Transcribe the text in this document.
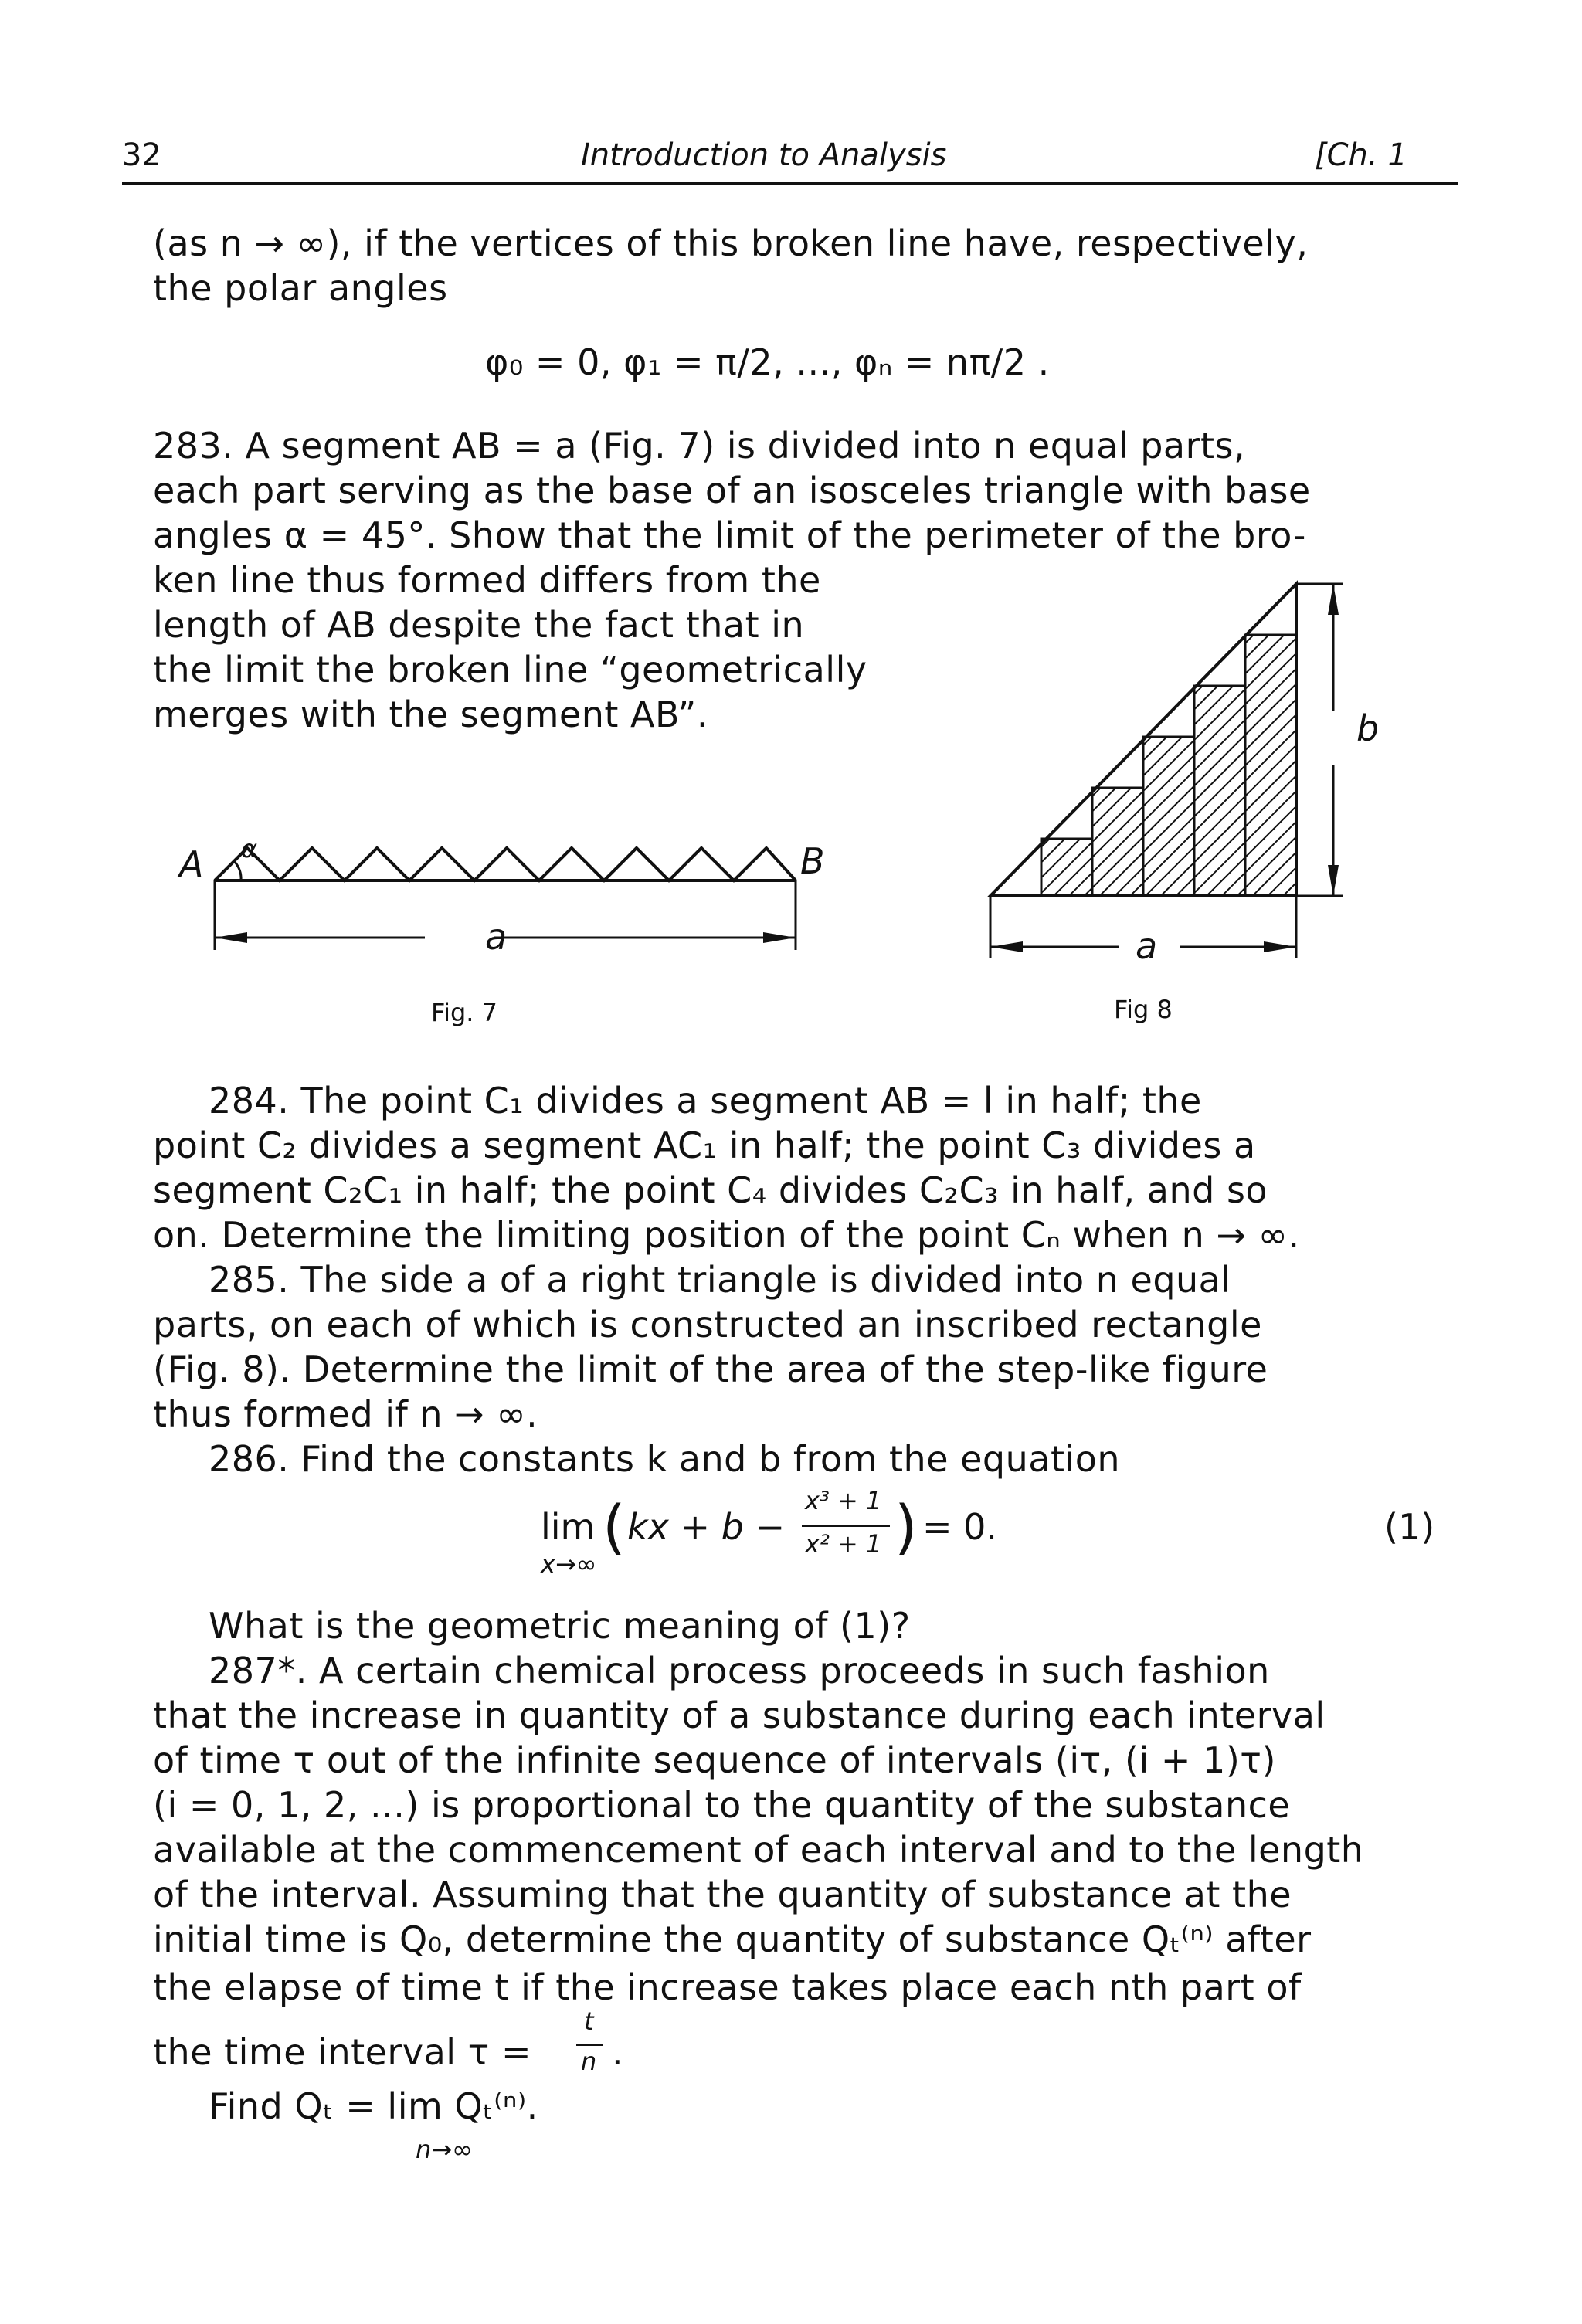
32	Introduction to Analysis	[Ch. 1
(as n → ∞), if the vertices of this broken line have, respectively,
the polar angles
φ₀ = 0, φ₁ = π/2, ..., φₙ = nπ/2 .
283. A segment AB = a (Fig. 7) is divided into n equal parts,
each part serving as the base of an isosceles triangle with base
angles α = 45°. Show that the limit of the perimeter of the bro-
ken line thus formed differs from the
length of AB despite the fact that in
the limit the broken line “geometrically
merges with the segment AB”.
A α	B
a
Fig. 7
b
a
Fig 8
284. The point C₁ divides a segment AB = l in half; the
point C₂ divides a segment AC₁ in half; the point C₃ divides a
segment C₂C₁ in half; the point C₄ divides C₂C₃ in half, and so
on. Determine the limiting position of the point Cₙ when n → ∞.
285. The side a of a right triangle is divided into n equal
parts, on each of which is constructed an inscribed rectangle
(Fig. 8). Determine the limit of the area of the step-like figure
thus formed if n → ∞.
286. Find the constants k and b from the equation
lim
x→∞
( kx + b −
x³ + 1
x² + 1 ) = 0.	(1)
What is the geometric meaning of (1)?
287*. A certain chemical process proceeds in such fashion
that the increase in quantity of a substance during each interval
of time τ out of the infinite sequence of intervals (iτ, (i + 1)τ)
(i = 0, 1, 2, ...) is proportional to the quantity of the substance
available at the commencement of each interval and to the length
of the interval. Assuming that the quantity of substance at the
initial time is Q₀, determine the quantity of substance Qₜ⁽ⁿ⁾ after
the elapse of time t if the increase takes place each nth part of
the time interval τ =
t
n .
Find Qₜ = lim Qₜ⁽ⁿ⁾.
n→∞
